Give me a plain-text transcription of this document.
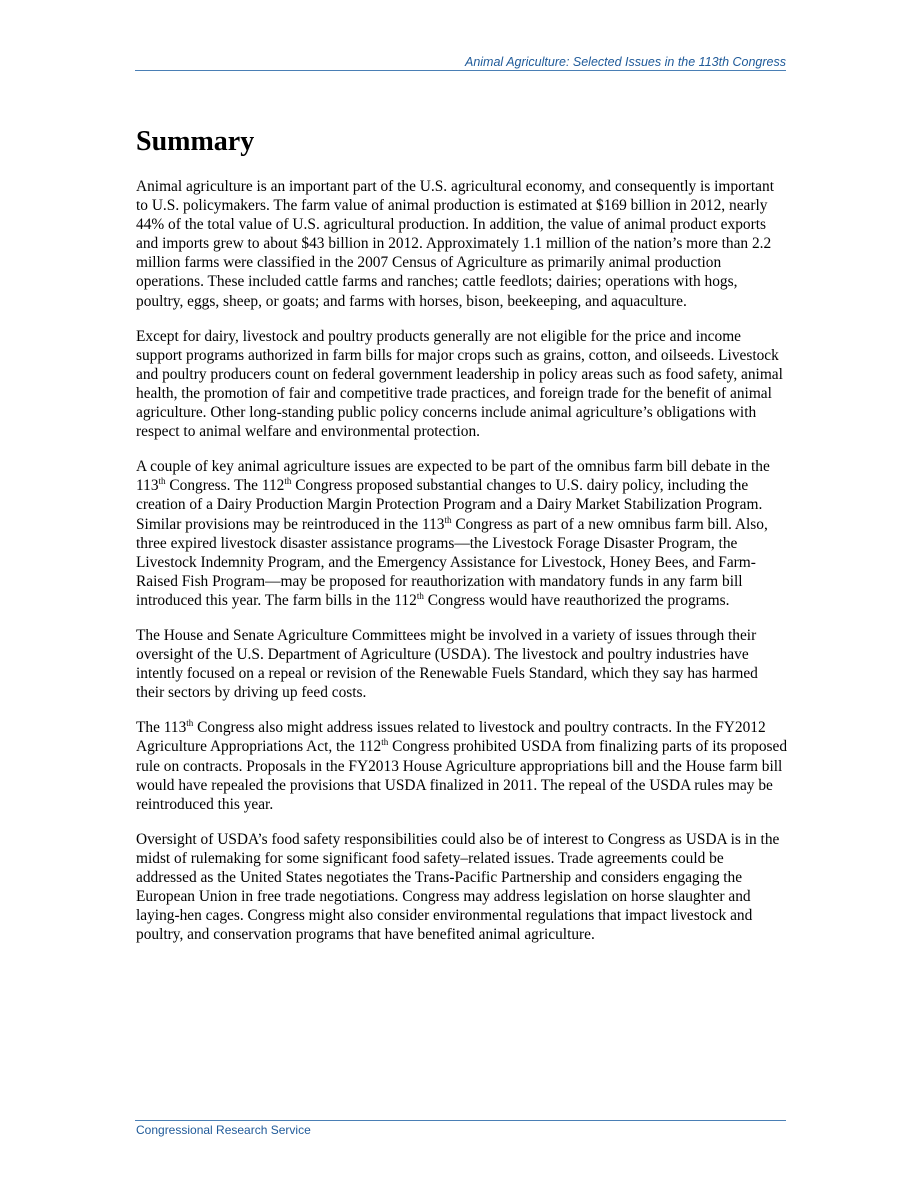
Animal Agriculture: Selected Issues in the 113th Congress
Summary

Animal agriculture is an important part of the U.S. agricultural economy, and consequently is important to U.S. policymakers. The farm value of animal production is estimated at $169 billion in 2012, nearly 44% of the total value of U.S. agricultural production. In addition, the value of animal product exports and imports grew to about $43 billion in 2012. Approximately 1.1 million of the nation’s more than 2.2 million farms were classified in the 2007 Census of Agriculture as primarily animal production operations. These included cattle farms and ranches; cattle feedlots; dairies; operations with hogs, poultry, eggs, sheep, or goats; and farms with horses, bison, beekeeping, and aquaculture.

Except for dairy, livestock and poultry products generally are not eligible for the price and income support programs authorized in farm bills for major crops such as grains, cotton, and oilseeds. Livestock and poultry producers count on federal government leadership in policy areas such as food safety, animal health, the promotion of fair and competitive trade practices, and foreign trade for the benefit of animal agriculture. Other long-standing public policy concerns include animal agriculture’s obligations with respect to animal welfare and environmental protection.

A couple of key animal agriculture issues are expected to be part of the omnibus farm bill debate in the 113th Congress. The 112th Congress proposed substantial changes to U.S. dairy policy, including the creation of a Dairy Production Margin Protection Program and a Dairy Market Stabilization Program. Similar provisions may be reintroduced in the 113th Congress as part of a new omnibus farm bill. Also, three expired livestock disaster assistance programs—the Livestock Forage Disaster Program, the Livestock Indemnity Program, and the Emergency Assistance for Livestock, Honey Bees, and Farm-Raised Fish Program—may be proposed for reauthorization with mandatory funds in any farm bill introduced this year. The farm bills in the 112th Congress would have reauthorized the programs.

The House and Senate Agriculture Committees might be involved in a variety of issues through their oversight of the U.S. Department of Agriculture (USDA). The livestock and poultry industries have intently focused on a repeal or revision of the Renewable Fuels Standard, which they say has harmed their sectors by driving up feed costs.

The 113th Congress also might address issues related to livestock and poultry contracts. In the FY2012 Agriculture Appropriations Act, the 112th Congress prohibited USDA from finalizing parts of its proposed rule on contracts. Proposals in the FY2013 House Agriculture appropriations bill and the House farm bill would have repealed the provisions that USDA finalized in 2011. The repeal of the USDA rules may be reintroduced this year.

Oversight of USDA’s food safety responsibilities could also be of interest to Congress as USDA is in the midst of rulemaking for some significant food safety–related issues. Trade agreements could be addressed as the United States negotiates the Trans-Pacific Partnership and considers engaging the European Union in free trade negotiations. Congress may address legislation on horse slaughter and laying-hen cages. Congress might also consider environmental regulations that impact livestock and poultry, and conservation programs that have benefited animal agriculture.

Congressional Research Service
